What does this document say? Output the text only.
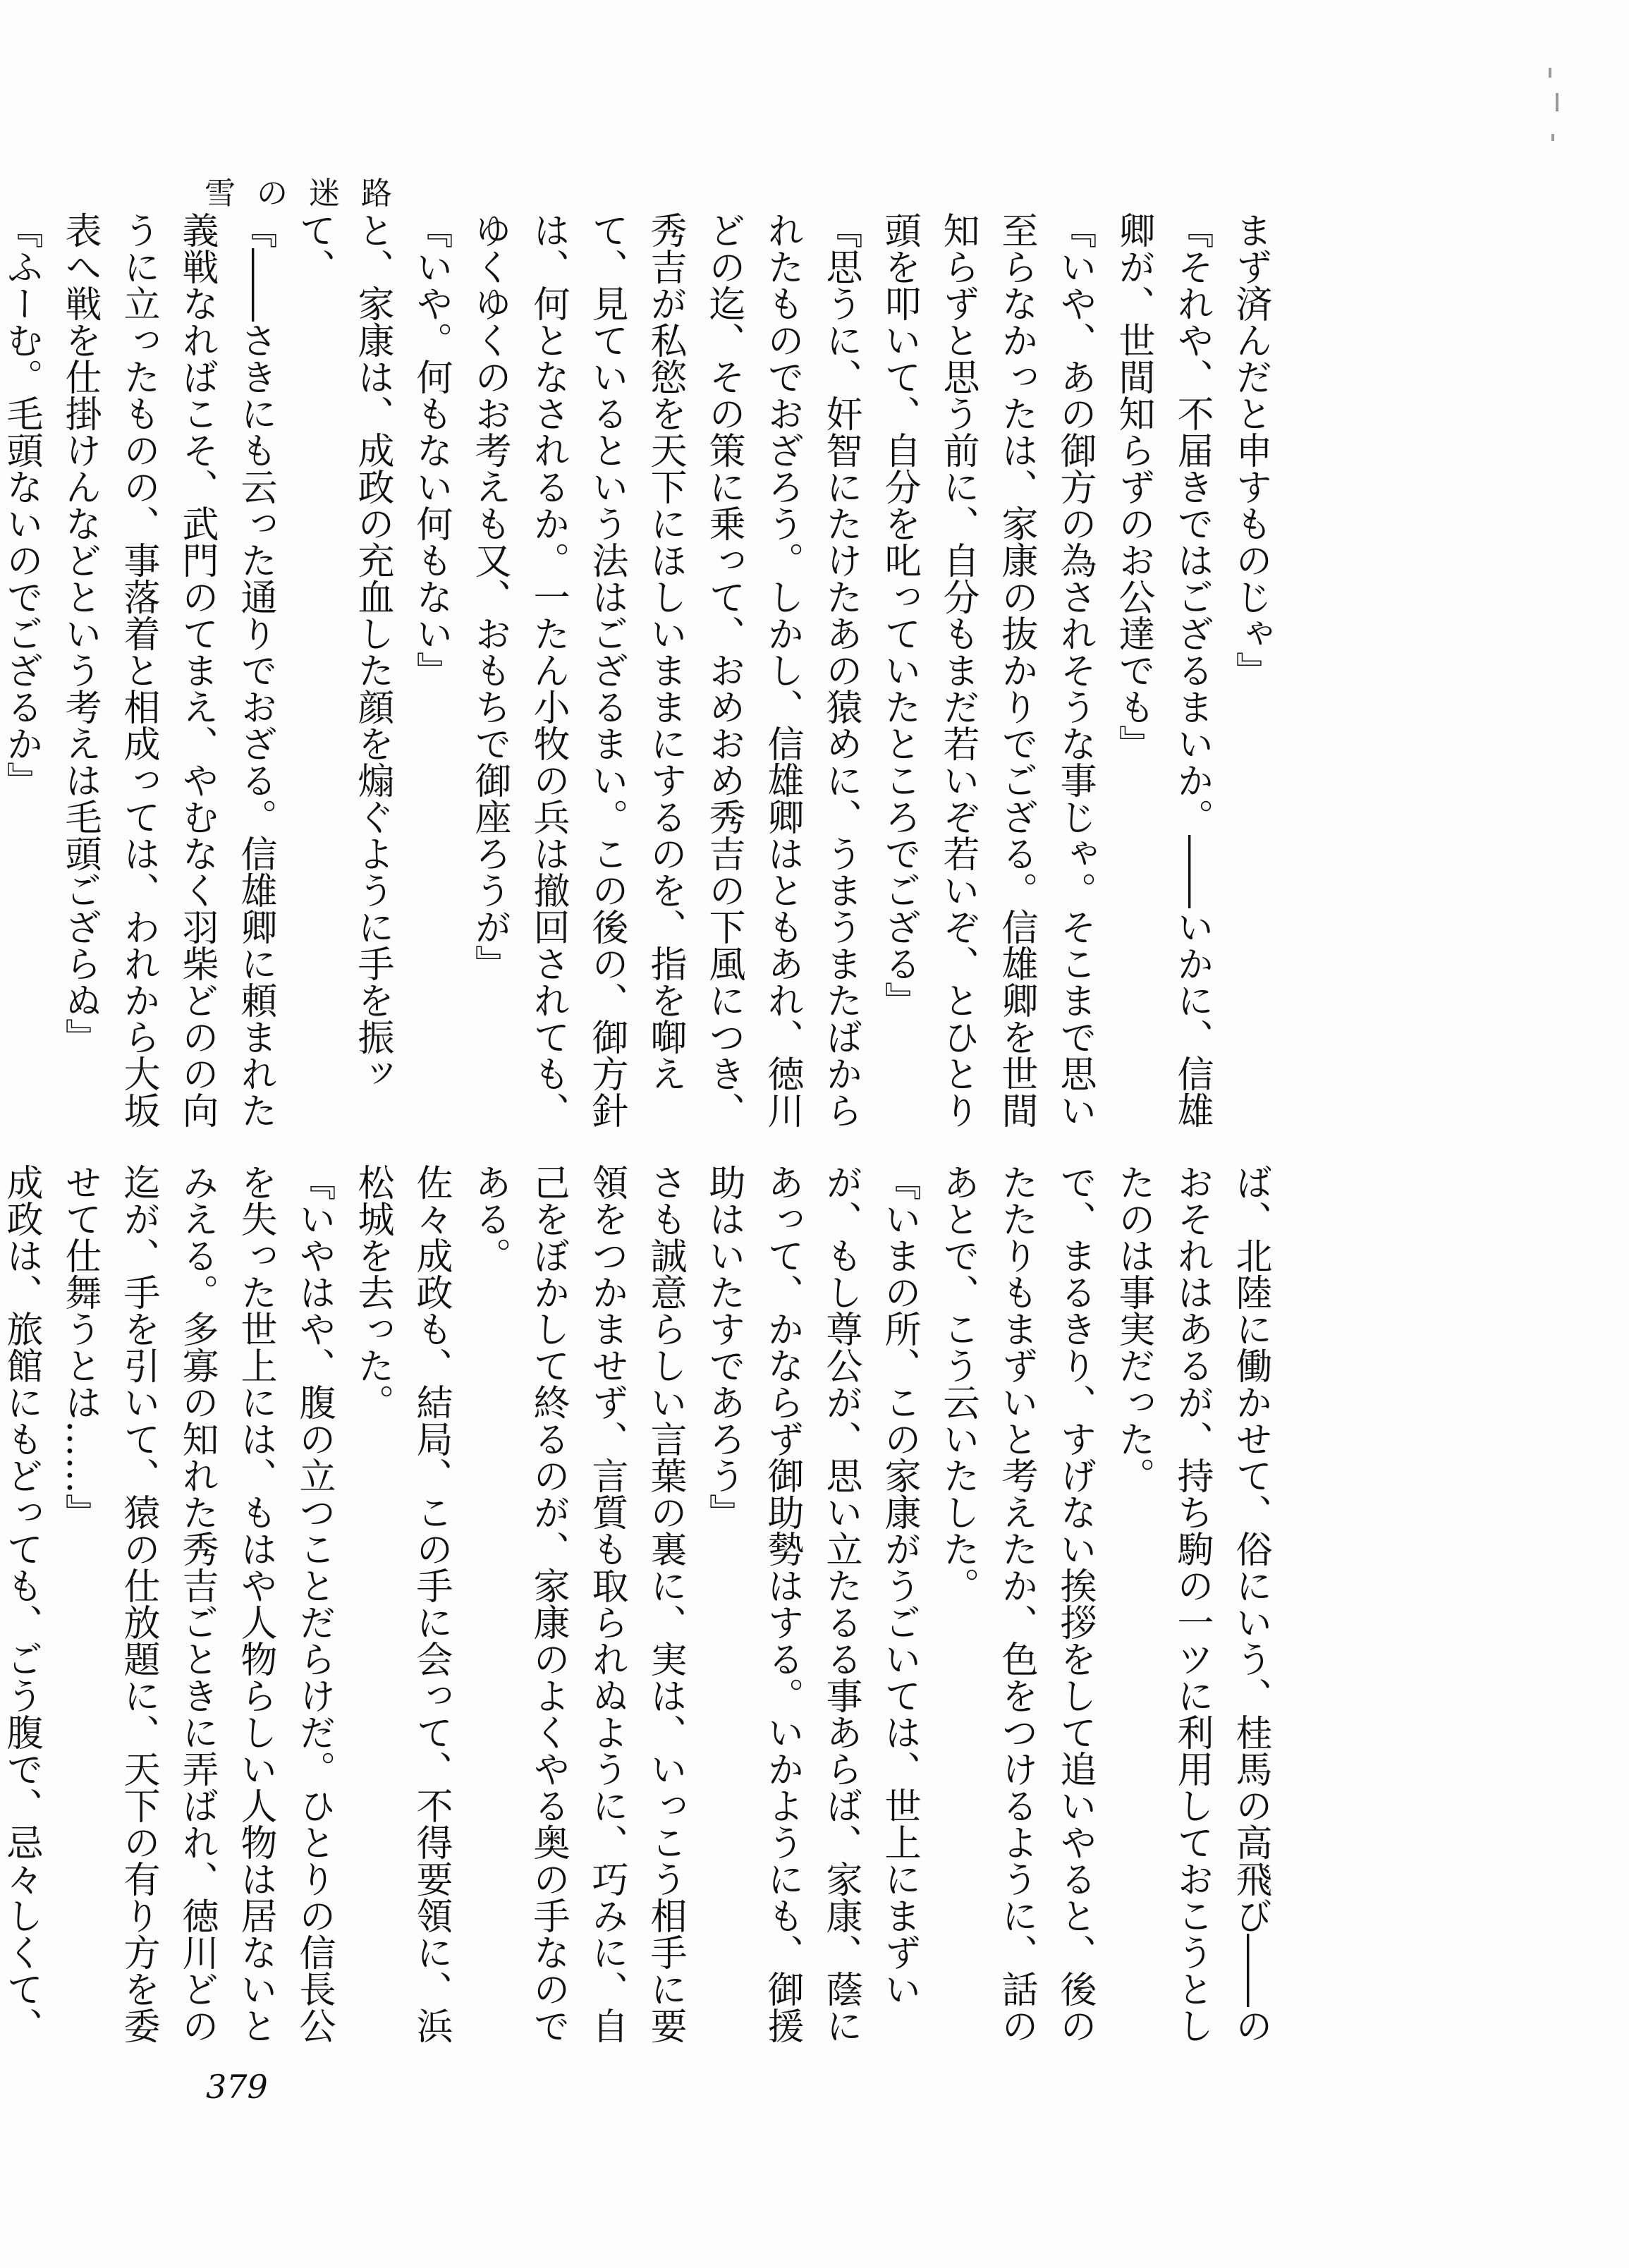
雪の迷路

まず済んだと申すものじゃ』

『それや、不届きではござるまいか。――いかに、信雄卿が、世間知らずのお公達でも』

『いや、あの御方の為されそうな事じゃ。そこまで思い至らなかったは、家康の抜かりでござる。信雄卿を世間知らずと思う前に、自分もまだ若いぞ若いぞ、とひとり頭を叩いて、自分を叱っていたところでござる』

『思うに、奸智にたけたあの猿めに、うまうまたばかられたものでおざろう。しかし、信雄卿はともあれ、徳川どの迄、その策に乗って、おめおめ秀吉の下風につき、秀吉が私慾を天下にほしいままにするのを、指を啣えて、見ているという法はござるまい。この後の、御方針は、何となされるか。一たん小牧の兵は撤回されても、ゆくゆくのお考えも又、おもちで御座ろうが』

『いや。何もない何もない』

と、家康は、成政の充血した顔を煽ぐように手を振ッて、

『――さきにも云った通りでおざる。信雄卿に頼まれた義戦なればこそ、武門のてまえ、やむなく羽柴どのの向うに立ったものの、事落着と相成っては、われから大坂表へ戦を仕掛けんなどという考えは毛頭ござらぬ』

『ふーむ。毛頭ないのでござるか』

ば、北陸に働かせて、俗にいう、桂馬の高飛び――のおそれはあるが、持ち駒の一ツに利用しておこうとしたのは事実だった。

で、まるきり、すげない挨拶をして追いやると、後のたたりもまずいと考えたか、色をつけるように、話のあとで、こう云いたした。

『いまの所、この家康がうごいては、世上にまずいが、もし尊公が、思い立たるる事あらば、家康、蔭にあって、かならず御助勢はする。いかようにも、御援助はいたすであろう』

さも誠意らしい言葉の裏に、実は、いっこう相手に要領をつかませず、言質も取られぬように、巧みに、自己をぼかして終るのが、家康のよくやる奥の手なのである。

佐々成政も、結局、この手に会って、不得要領に、浜松城を去った。

『いやはや、腹の立つことだらけだ。ひとりの信長公を失った世上には、もはや人物らしい人物は居ないとみえる。多寡の知れた秀吉ごときに弄ばれ、徳川どの迄が、手を引いて、猿の仕放題に、天下の有り方を委せて仕舞うとは……』

成政は、旅館にもどっても、ごう腹で、忌々しくて、

379
